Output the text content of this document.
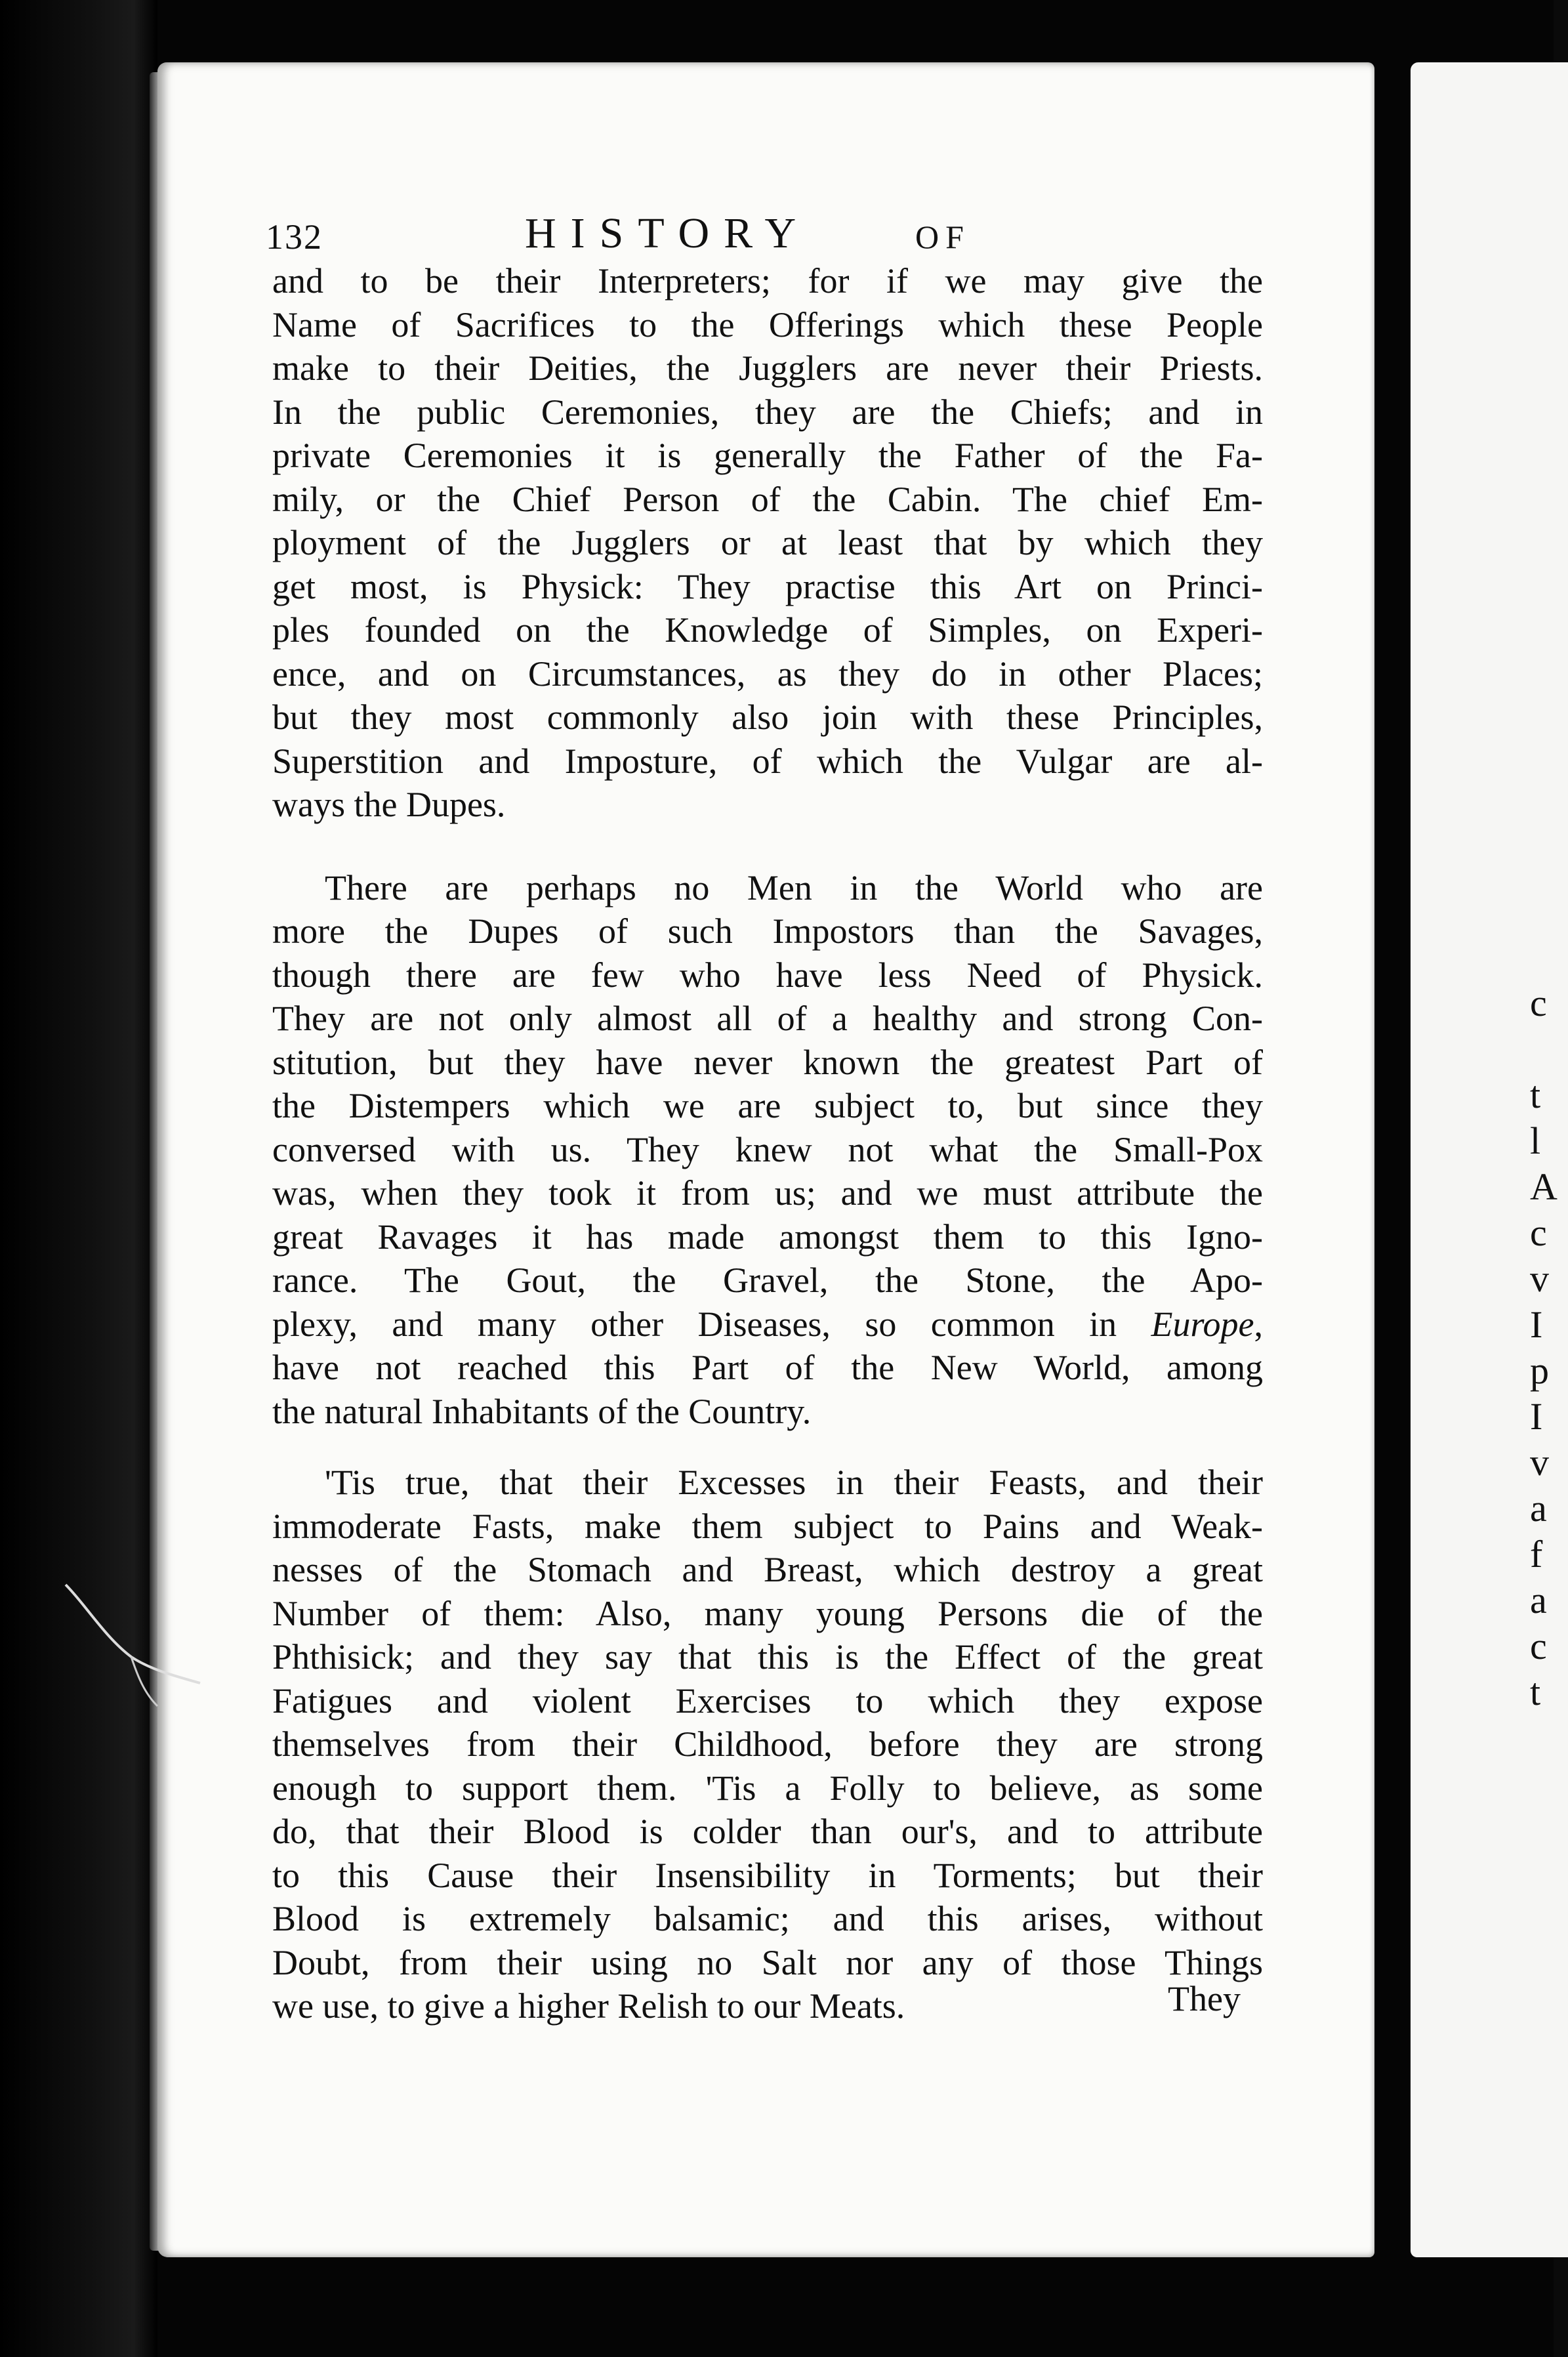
c
t
l
A
c
v
I
p
I
v
a
f
a
c
t
132	HISTORY	OF
and to be their Interpreters; for if we may give the
Name of Sacrifices to the Offerings which these People
make to their Deities, the Jugglers are never their Priests.
In the public Ceremonies, they are the Chiefs; and in
private Ceremonies it is generally the Father of the Fa-
mily, or the Chief Person of the Cabin. The chief Em-
ployment of the Jugglers or at least that by which they
get most, is Physick: They practise this Art on Princi-
ples founded on the Knowledge of Simples, on Experi-
ence, and on Circumstances, as they do in other Places;
but they most commonly also join with these Principles,
Superstition and Imposture, of which the Vulgar are al-
ways the Dupes.
There are perhaps no Men in the World who are
more the Dupes of such Impostors than the Savages,
though there are few who have less Need of Physick.
They are not only almost all of a healthy and strong Con-
stitution, but they have never known the greatest Part of
the Distempers which we are subject to, but since they
conversed with us. They knew not what the Small-Pox
was, when they took it from us; and we must attribute the
great Ravages it has made amongst them to this Igno-
rance. The Gout, the Gravel, the Stone, the Apo-
plexy, and many other Diseases, so common in Europe,
have not reached this Part of the New World, among
the natural Inhabitants of the Country.
'Tis true, that their Excesses in their Feasts, and their
immoderate Fasts, make them subject to Pains and Weak-
nesses of the Stomach and Breast, which destroy a great
Number of them: Also, many young Persons die of the
Phthisick; and they say that this is the Effect of the great
Fatigues and violent Exercises to which they expose
themselves from their Childhood, before they are strong
enough to support them. 'Tis a Folly to believe, as some
do, that their Blood is colder than our's, and to attribute
to this Cause their Insensibility in Torments; but their
Blood is extremely balsamic; and this arises, without
Doubt, from their using no Salt nor any of those Things
we use, to give a higher Relish to our Meats.	They
